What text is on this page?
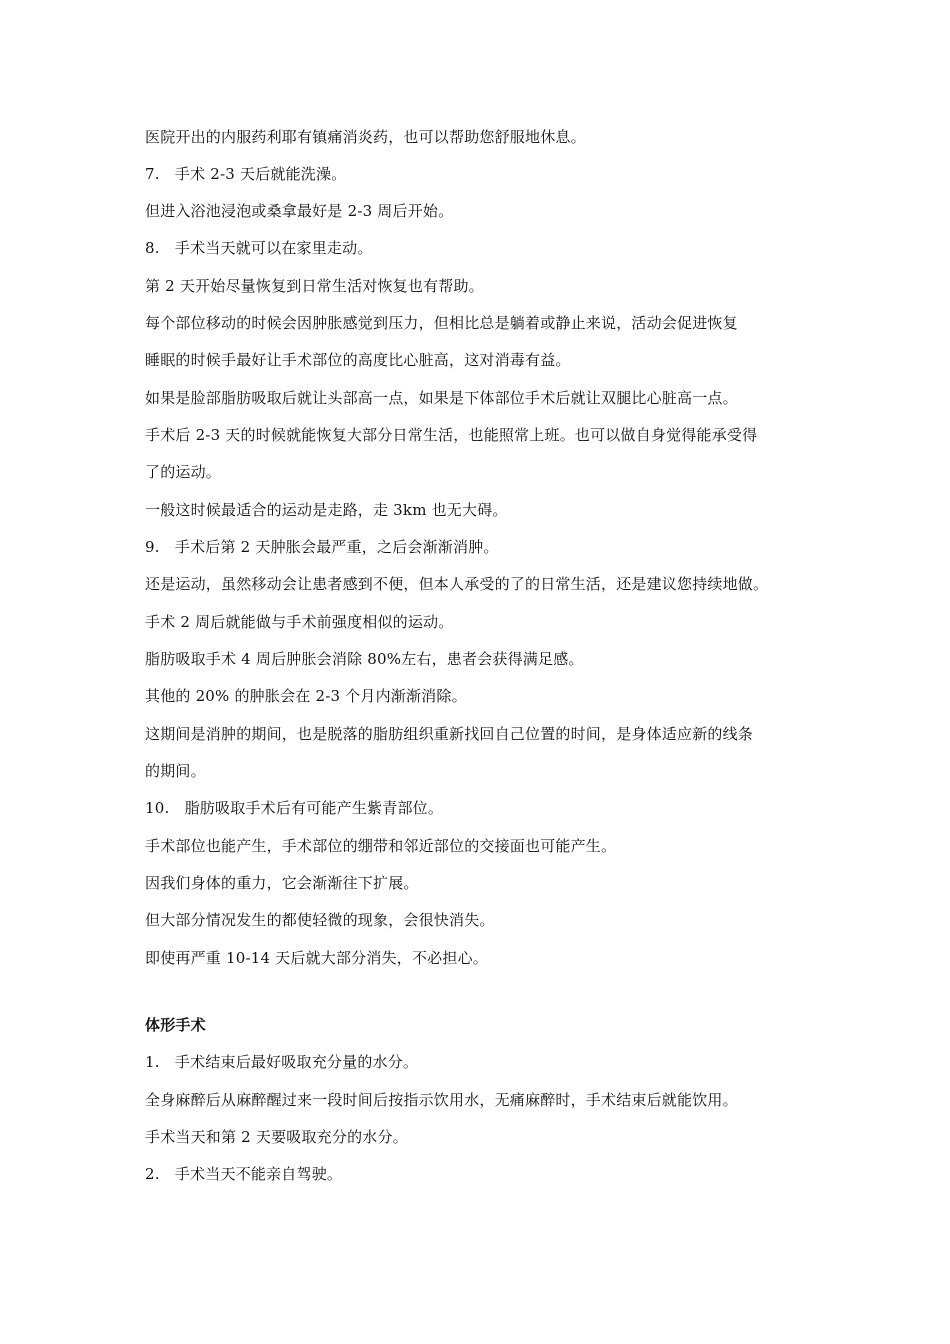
医院开出的内服药利耶有镇痛消炎药，也可以帮助您舒服地休息。
7.　手术 2-3 天后就能洗澡。
但进入浴池浸泡或桑拿最好是 2-3 周后开始。
8.　手术当天就可以在家里走动。
第 2 天开始尽量恢复到日常生活对恢复也有帮助。
每个部位移动的时候会因肿胀感觉到压力，但相比总是躺着或静止来说，活动会促进恢复
睡眠的时候手最好让手术部位的高度比心脏高，这对消毒有益。
如果是脸部脂肪吸取后就让头部高一点，如果是下体部位手术后就让双腿比心脏高一点。
手术后 2-3 天的时候就能恢复大部分日常生活，也能照常上班。也可以做自身觉得能承受得
了的运动。
一般这时候最适合的运动是走路，走 3km 也无大碍。
9.　手术后第 2 天肿胀会最严重，之后会渐渐消肿。
还是运动，虽然移动会让患者感到不便，但本人承受的了的日常生活，还是建议您持续地做。
手术 2 周后就能做与手术前强度相似的运动。
脂肪吸取手术 4 周后肿胀会消除 80%左右，患者会获得满足感。
其他的 20% 的肿胀会在 2-3 个月内渐渐消除。
这期间是消肿的期间，也是脱落的脂肪组织重新找回自己位置的时间，是身体适应新的线条
的期间。
10.　脂肪吸取手术后有可能产生紫青部位。
手术部位也能产生，手术部位的绷带和邻近部位的交接面也可能产生。
因我们身体的重力，它会渐渐往下扩展。
但大部分情况发生的都使轻微的现象，会很快消失。
即使再严重 10-14 天后就大部分消失，不必担心。
体形手术
1.　手术结束后最好吸取充分量的水分。
全身麻醉后从麻醉醒过来一段时间后按指示饮用水，无痛麻醉时，手术结束后就能饮用。
手术当天和第 2 天要吸取充分的水分。
2.　手术当天不能亲自驾驶。
